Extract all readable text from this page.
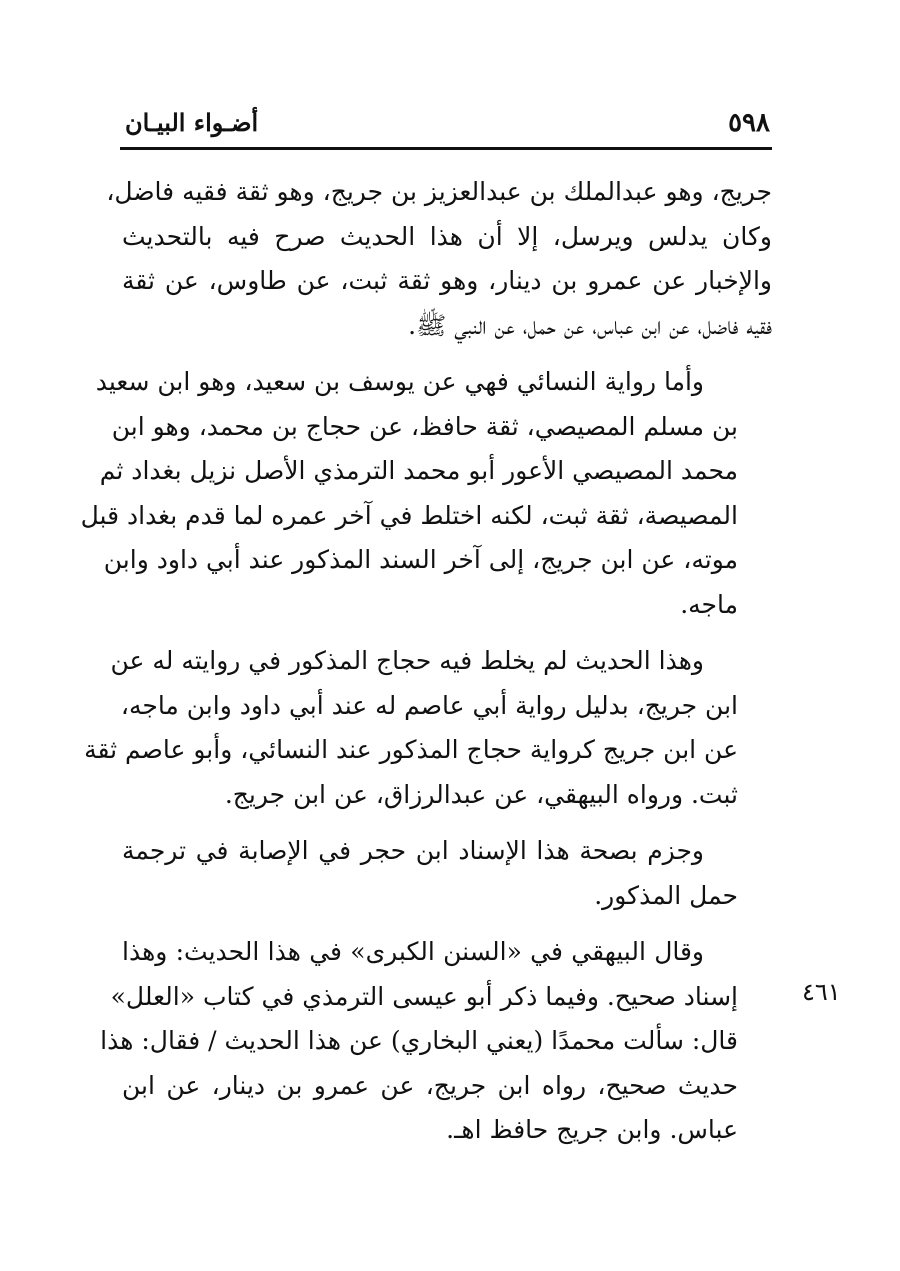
٥٩٨
أضـواء البيـان
٤٦١
جريج، وهو عبدالملك بن عبدالعزيز بن جريج، وهو ثقة فقيه فاضل،
وكان يدلس ويرسل، إلا أن هذا الحديث صرح فيه بالتحديث
والإخبار عن عمرو بن دينار، وهو ثقة ثبت، عن طاوس، عن ثقة
فقيه فاضل، عن ابن عباس، عن حمل، عن النبي ﷺ.
وأما رواية النسائي فهي عن يوسف بن سعيد، وهو ابن سعيد
بن مسلم المصيصي، ثقة حافظ، عن حجاج بن محمد، وهو ابن
محمد المصيصي الأعور أبو محمد الترمذي الأصل نزيل بغداد ثم
المصيصة، ثقة ثبت، لكنه اختلط في آخر عمره لما قدم بغداد قبل
موته، عن ابن جريج، إلى آخر السند المذكور عند أبي داود وابن
ماجه.
وهذا الحديث لم يخلط فيه حجاج المذكور في روايته له عن
ابن جريج، بدليل رواية أبي عاصم له عند أبي داود وابن ماجه،
عن ابن جريج كرواية حجاج المذكور عند النسائي، وأبو عاصم ثقة
ثبت. ورواه البيهقي، عن عبدالرزاق، عن ابن جريج.
وجزم بصحة هذا الإسناد ابن حجر في الإصابة في ترجمة
حمل المذكور.
وقال البيهقي في «السنن الكبرى» في هذا الحديث: وهذا
إسناد صحيح. وفيما ذكر أبو عيسى الترمذي في كتاب «العلل»
قال: سألت محمدًا (يعني البخاري) عن هذا الحديث / فقال: هذا
حديث صحيح، رواه ابن جريج، عن عمرو بن دينار، عن ابن
عباس. وابن جريج حافظ اهـ.
